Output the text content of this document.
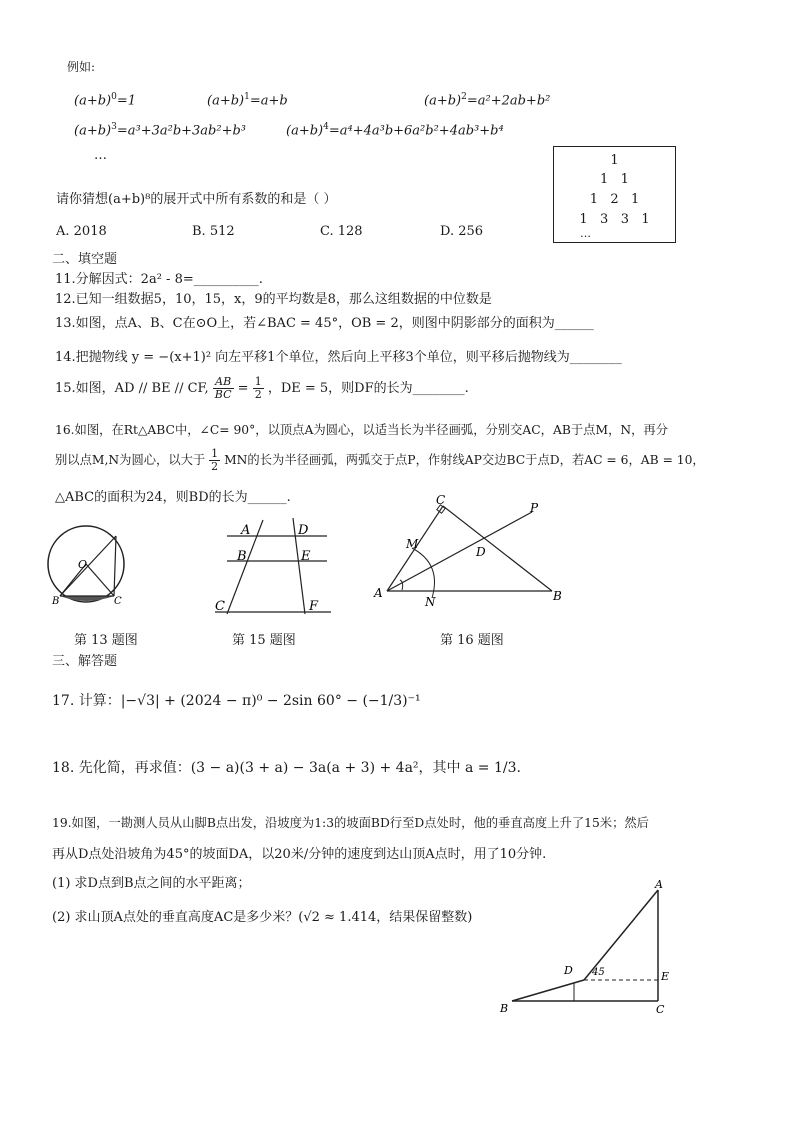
例如:
$(a+b)^0=1$	$(a+b)^1=a+b$	$(a+b)^2=a^2+2ab+b^2$
$(a+b)^3=a^3+3a^2b+3ab^2+b^3$	$(a+b)^4=a^4+4a^3b+6a^2b^2+4ab^3+b^4$
…	1
1   1
1   2   1
1   3   3   1
…
请你猜想(a+b)⁸的展开式中所有系数的和是（ ）
A. 2018	B. 512	C. 128	D. 256
二、填空题
11.分解因式：2a² - 8=__________.
12.已知一组数据5，10，15，x，9的平均数是8，那么这组数据的中位数是
13.如图，点A、B、C在⊙O上，若∠BAC = 45°，OB = 2，则图中阴影部分的面积为______
14.把抛物线 y = −(x+1)² 向左平移1个单位，然后向上平移3个单位，则平移后抛物线为________
15.如图，AD // BE // CF, $\frac{AB}{BC} = \frac{1}{2}$ ，DE = 5，则DF的长为________.
16.如图，在Rt△ABC中，∠C= 90°，以顶点A为圆心，以适当长为半径画弧，分别交AC，AB于点M，N，再分
别以点M,N为圆心，以大于 $\frac{1}{2}$ MN的长为半径画弧，两弧交于点P，作射线AP交边BC于点D，若AC = 6，AB = 10，
△ABC的面积为24，则BD的长为______.
O
B	C
第 13 题图
A	D
B	E
C	F
第 15 题图
C
P
M
D
A
N	B
第 16 题图
三、解答题
17. 计算：|−√3| + (2024 − π)⁰ − 2sin 60° − (−1/3)⁻¹
18. 先化简，再求值：(3 − a)(3 + a) − 3a(a + 3) + 4a²，其中 a = 1/3.
19.如图，一勘测人员从山脚B点出发，沿坡度为1:3的坡面BD行至D点处时，他的垂直高度上升了15米；然后
再从D点处沿坡角为45°的坡面DA，以20米/分钟的速度到达山顶A点时，用了10分钟.
(1) 求D点到B点之间的水平距离；
(2) 求山顶A点处的垂直高度AC是多少米？(√2 ≈ 1.414，结果保留整数)
A
D 45	E
B	C
